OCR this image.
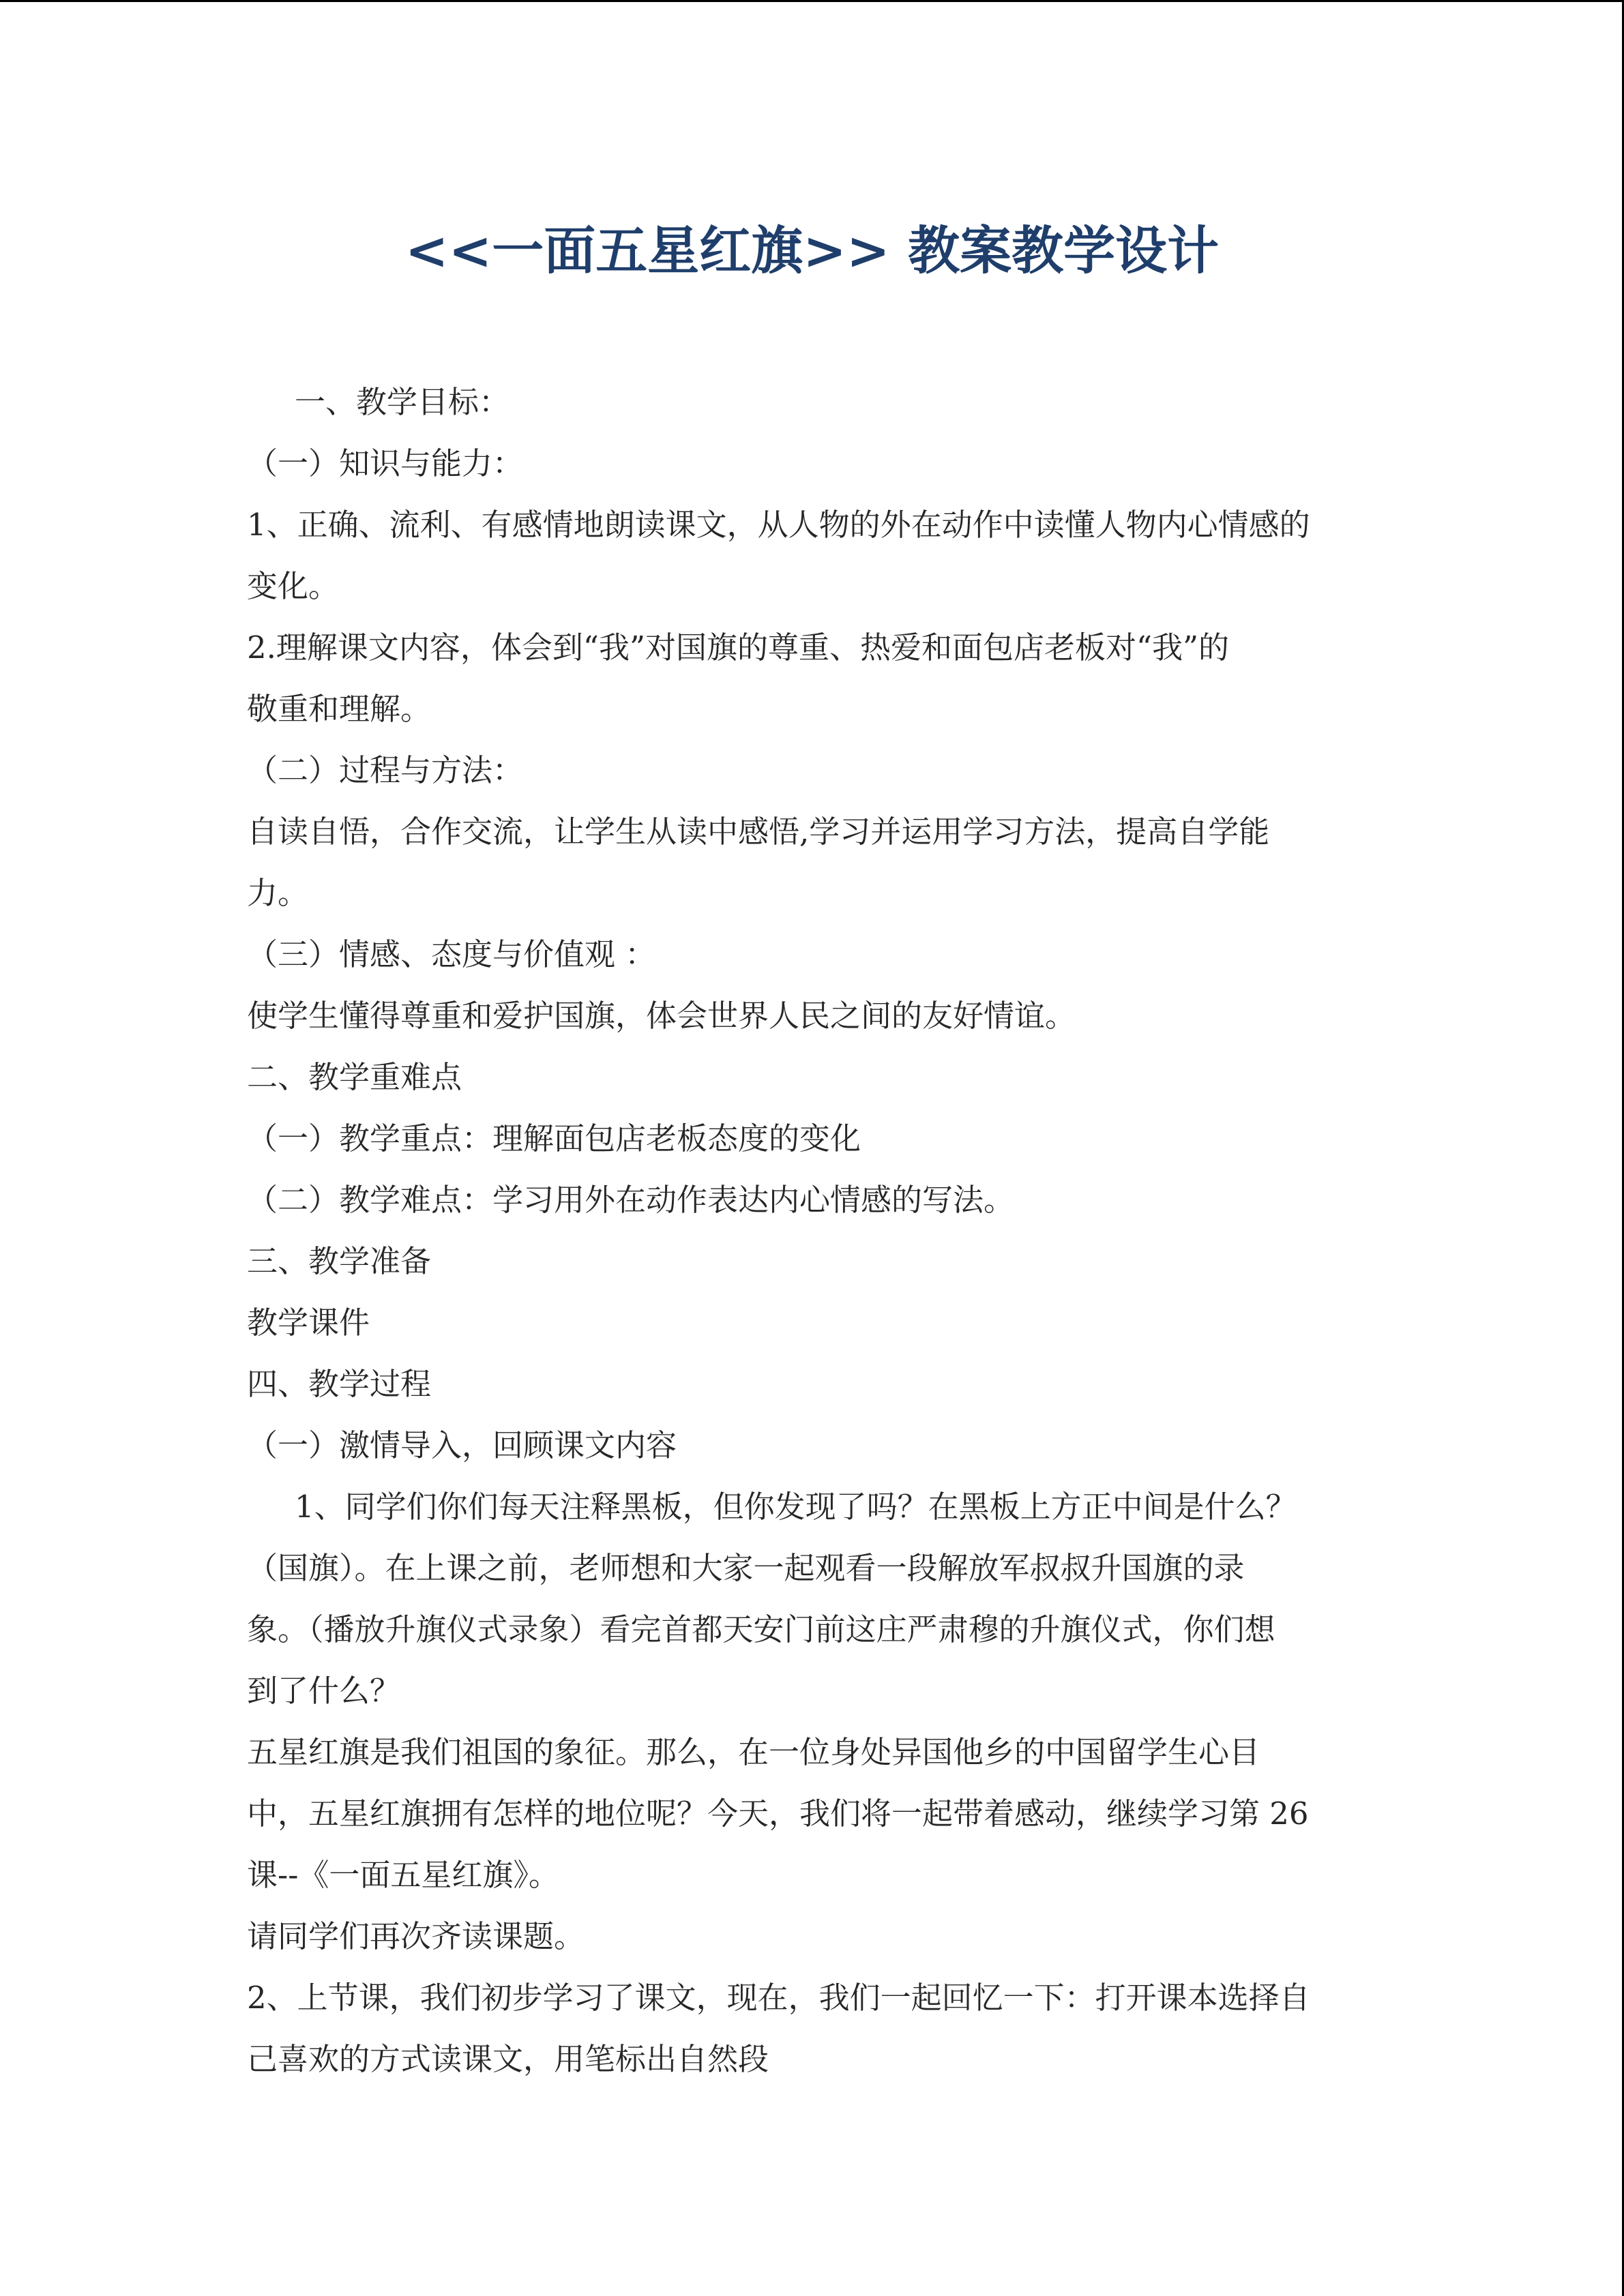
<<一面五星红旗>> 教案教学设计
一、教学目标：
（一）知识与能力：
1、正确、流利、有感情地朗读课文，从人物的外在动作中读懂人物内心情感的
变化。
2.理解课文内容，体会到“我”对国旗的尊重、热爱和面包店老板对“我”的
敬重和理解。
（二）过程与方法：
自读自悟，合作交流，让学生从读中感悟,学习并运用学习方法，提高自学能
力。
（三）情感、态度与价值观 ：
使学生懂得尊重和爱护国旗，体会世界人民之间的友好情谊。
二、教学重难点
（一）教学重点：理解面包店老板态度的变化
（二）教学难点：学习用外在动作表达内心情感的写法。
三、教学准备
教学课件
四、教学过程
（一）激情导入，回顾课文内容
1、同学们你们每天注释黑板，但你发现了吗？在黑板上方正中间是什么？
（国旗）。在上课之前，老师想和大家一起观看一段解放军叔叔升国旗的录
象。（播放升旗仪式录象）看完首都天安门前这庄严肃穆的升旗仪式，你们想
到了什么？
五星红旗是我们祖国的象征。那么，在一位身处异国他乡的中国留学生心目
中，五星红旗拥有怎样的地位呢？今天，我们将一起带着感动，继续学习第 26
课--《一面五星红旗》。
请同学们再次齐读课题。
2、上节课，我们初步学习了课文，现在，我们一起回忆一下：打开课本选择自
己喜欢的方式读课文，用笔标出自然段
